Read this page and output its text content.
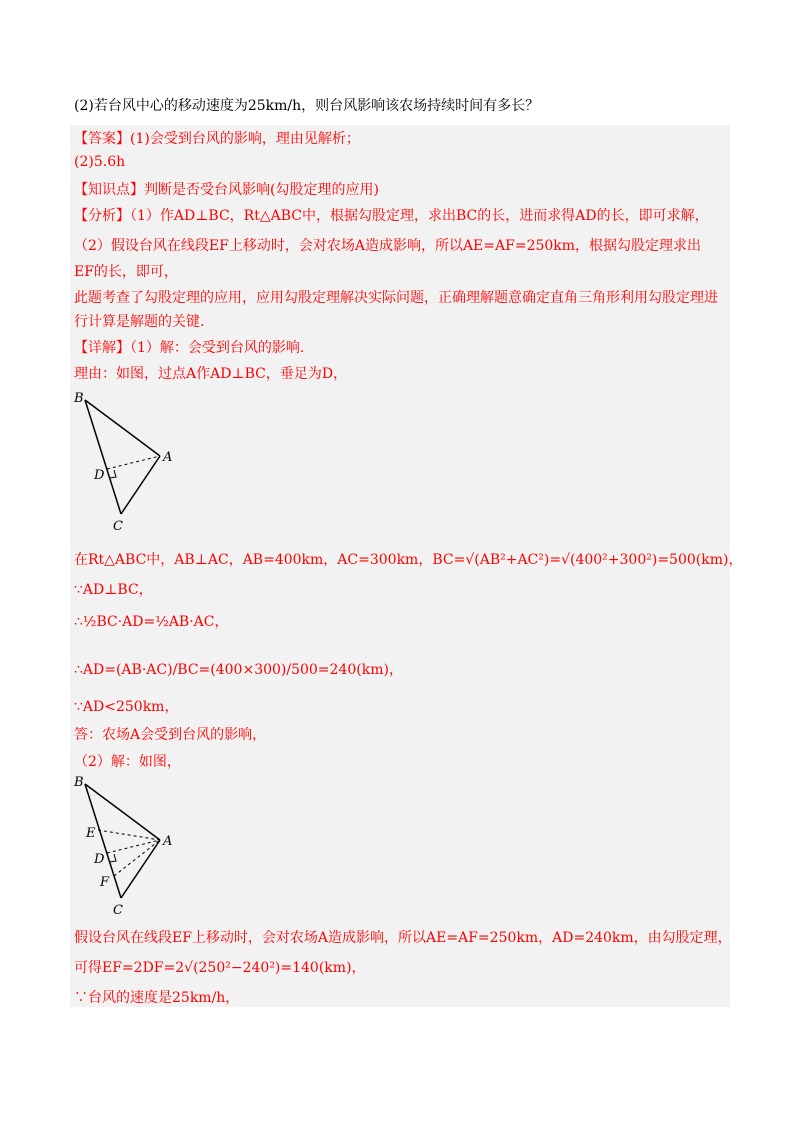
(2)若台风中心的移动速度为25km/h，则台风影响该农场持续时间有多长？
【答案】(1)会受到台风的影响，理由见解析；
(2)5.6h
【知识点】判断是否受台风影响(勾股定理的应用)
【分析】（1）作AD⊥BC，Rt△ABC中，根据勾股定理，求出BC的长，进而求得AD的长，即可求解，
（2）假设台风在线段EF上移动时，会对农场A造成影响，所以AE=AF=250km，根据勾股定理求出
EF的长，即可，
此题考查了勾股定理的应用，应用勾股定理解决实际问题，正确理解题意确定直角三角形利用勾股定理进
行计算是解题的关键.
【详解】（1）解：会受到台风的影响.
理由：如图，过点A作AD⊥BC，垂足为D，
B
A
D
C
在Rt△ABC中，AB⊥AC，AB=400km，AC=300km，BC=√(AB²+AC²)=√(400²+300²)=500(km)，
∵AD⊥BC，
∴½BC·AD=½AB·AC，
∴AD=(AB·AC)/BC=(400×300)/500=240(km)，
∵AD<250km，
答：农场A会受到台风的影响，
（2）解：如图，
B
A
E
D
F
C
假设台风在线段EF上移动时，会对农场A造成影响，所以AE=AF=250km，AD=240km，由勾股定理，
可得EF=2DF=2√(250²−240²)=140(km)，
∵台风的速度是25km/h，
